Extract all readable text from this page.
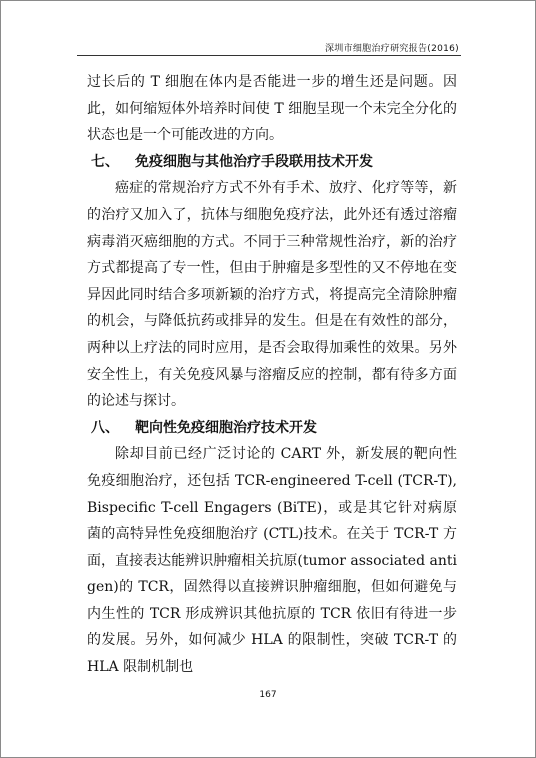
深圳市细胞治疗研究报告(2016)

过长后的 T 细胞在体内是否能进一步的增生还是问题。因此，如何缩短体外培养时间使 T 细胞呈现一个未完全分化的状态也是一个可能改进的方向。

七、 免疫细胞与其他治疗手段联用技术开发

癌症的常规治疗方式不外有手术、放疗、化疗等等，新的治疗又加入了，抗体与细胞免疫疗法，此外还有透过溶瘤病毒消灭癌细胞的方式。不同于三种常规性治疗，新的治疗方式都提高了专一性，但由于肿瘤是多型性的又不停地在变异因此同时结合多项新颖的治疗方式，将提高完全清除肿瘤的机会，与降低抗药或排异的发生。但是在有效性的部分，两种以上疗法的同时应用，是否会取得加乘性的效果。另外安全性上，有关免疫风暴与溶瘤反应的控制，都有待多方面的论述与探讨。

八、 靶向性免疫细胞治疗技术开发

除却目前已经广泛讨论的 CART 外，新发展的靶向性免疫细胞治疗，还包括 TCR-engineered T-cell (TCR-T), Bispecific T-cell Engagers (BiTE)，或是其它针对病原菌的高特异性免疫细胞治疗 (CTL)技术。在关于 TCR-T 方面，直接表达能辨识肿瘤相关抗原(tumor associated antigen)的 TCR，固然得以直接辨识肿瘤细胞，但如何避免与内生性的 TCR 形成辨识其他抗原的 TCR 依旧有待进一步的发展。另外，如何减少 HLA 的限制性，突破 TCR-T 的 HLA 限制机制也

167
